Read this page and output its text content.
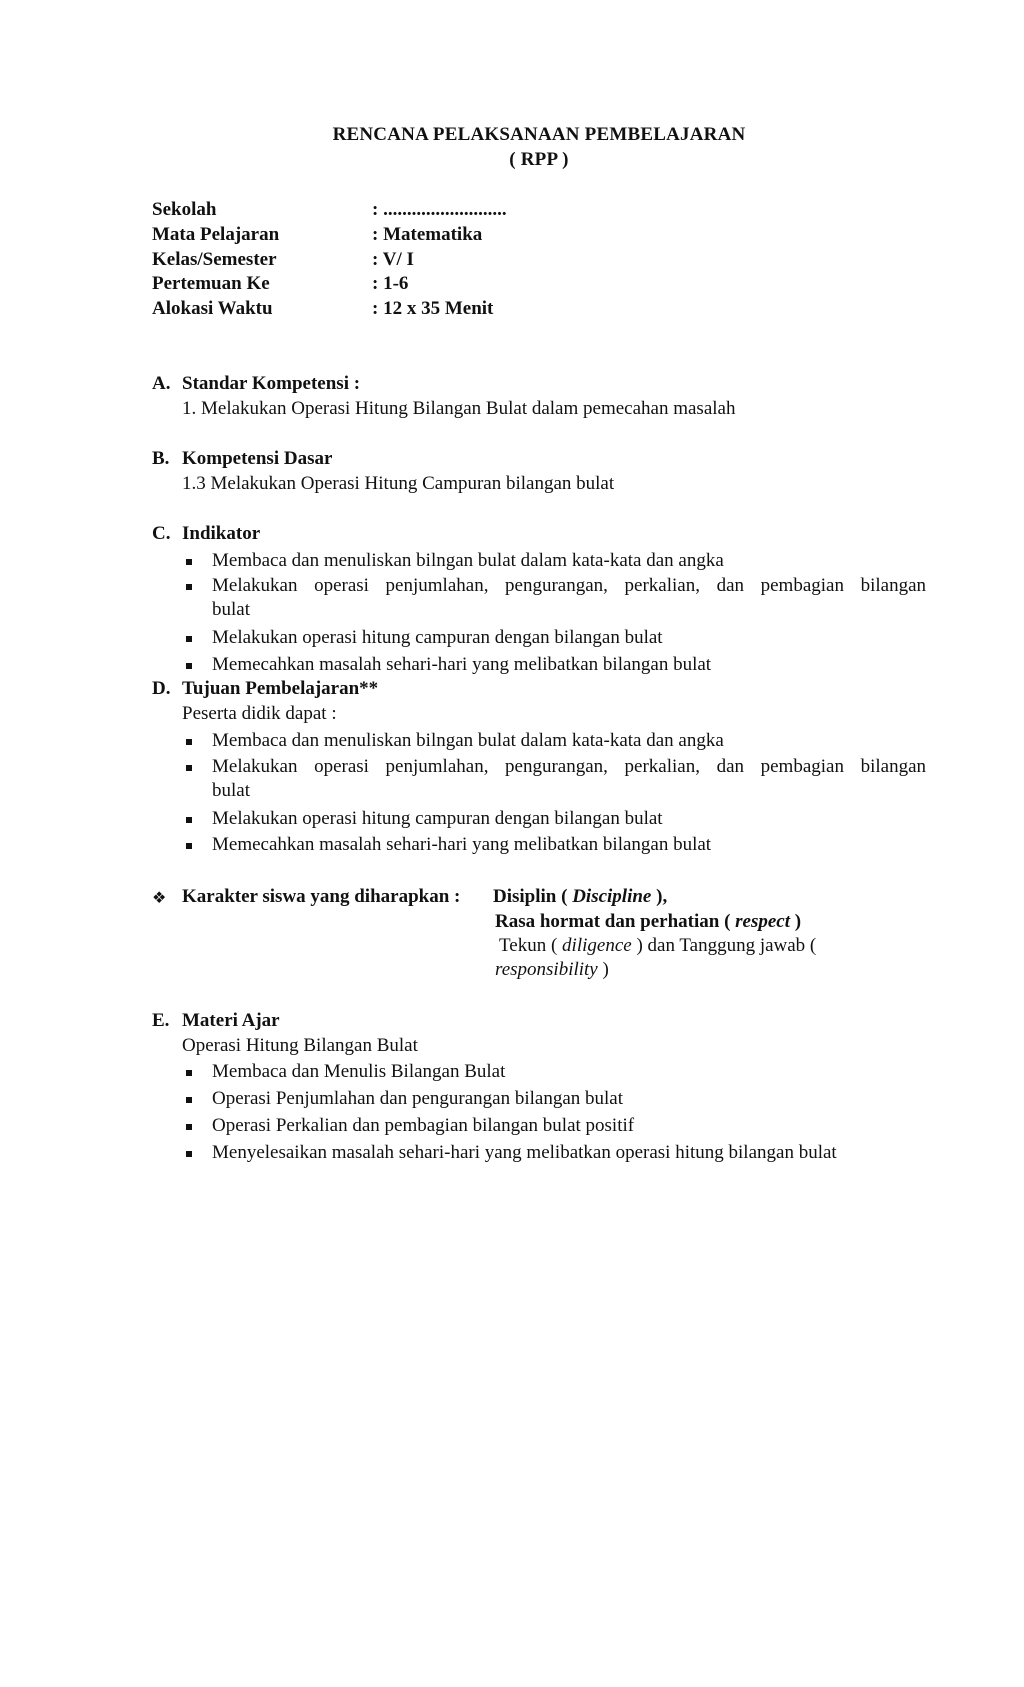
RENCANA PELAKSANAAN PEMBELAJARAN
( RPP )
Sekolah	: ..........................
Mata Pelajaran	: Matematika
Kelas/Semester	: V/ I
Pertemuan Ke	: 1-6
Alokasi Waktu	: 12 x 35 Menit
A. Standar Kompetensi :
1. Melakukan Operasi Hitung Bilangan Bulat dalam pemecahan masalah
B. Kompetensi Dasar
1.3 Melakukan Operasi Hitung Campuran bilangan bulat
C. Indikator
Membaca dan menuliskan bilngan bulat dalam kata-kata dan angka
Melakukan operasi penjumlahan, pengurangan, perkalian, dan pembagian bilangan
bulat
Melakukan operasi hitung campuran dengan bilangan bulat
Memecahkan masalah sehari-hari yang melibatkan bilangan bulat
D. Tujuan Pembelajaran**
Peserta didik dapat :
Membaca dan menuliskan bilngan bulat dalam kata-kata dan angka
Melakukan operasi penjumlahan, pengurangan, perkalian, dan pembagian bilangan
bulat
Melakukan operasi hitung campuran dengan bilangan bulat
Memecahkan masalah sehari-hari yang melibatkan bilangan bulat
❖ Karakter siswa yang diharapkan : Disiplin ( Discipline ),
Rasa hormat dan perhatian ( respect )
Tekun ( diligence ) dan Tanggung jawab (
responsibility )
E. Materi Ajar
Operasi Hitung Bilangan Bulat
Membaca dan Menulis Bilangan Bulat
Operasi Penjumlahan dan pengurangan bilangan bulat
Operasi Perkalian dan pembagian bilangan bulat positif
Menyelesaikan masalah sehari-hari yang melibatkan operasi hitung bilangan bulat
